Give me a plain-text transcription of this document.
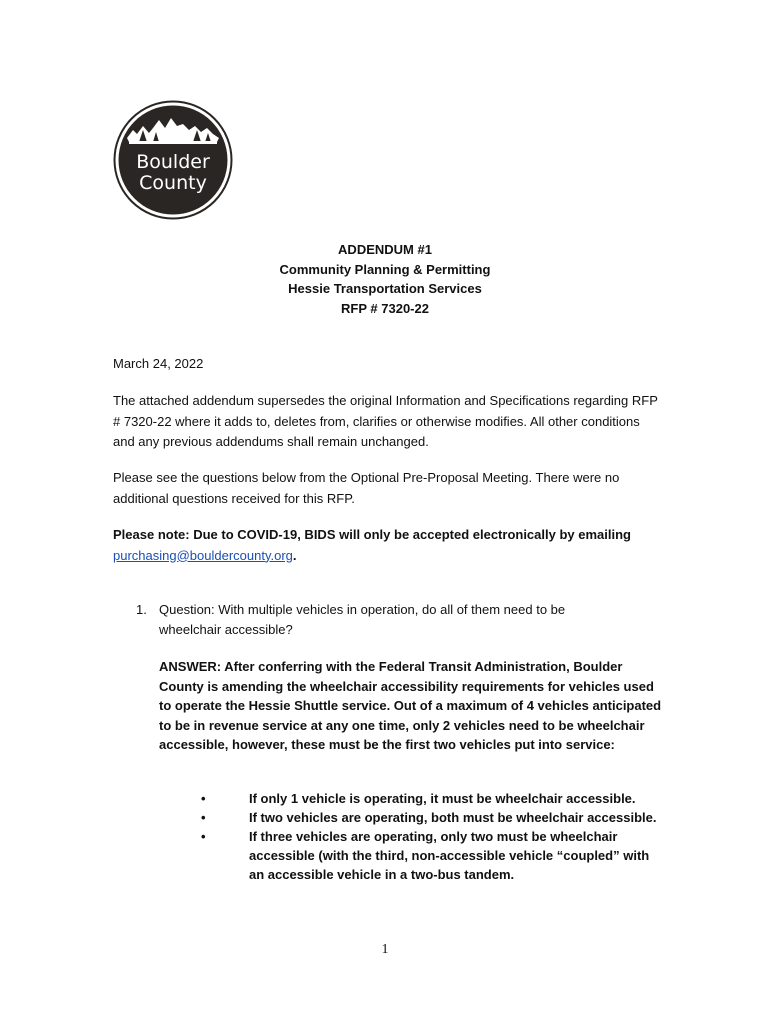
Boulder
County
ADDENDUM #1
Community Planning & Permitting
Hessie Transportation Services
RFP # 7320-22

March 24, 2022

The attached addendum supersedes the original Information and Specifications regarding RFP # 7320-22 where it adds to, deletes from, clarifies or otherwise modifies. All other conditions and any previous addendums shall remain unchanged.

Please see the questions below from the Optional Pre-Proposal Meeting. There were no additional questions received for this RFP.

Please note: Due to COVID-19, BIDS will only be accepted electronically by emailing purchasing@bouldercounty.org.

1. Question: With multiple vehicles in operation, do all of them need to be wheelchair accessible?
ANSWER: After conferring with the Federal Transit Administration, Boulder County is amending the wheelchair accessibility requirements for vehicles used to operate the Hessie Shuttle service. Out of a maximum of 4 vehicles anticipated to be in revenue service at any one time, only 2 vehicles need to be wheelchair accessible, however, these must be the first two vehicles put into service:
•	If only 1 vehicle is operating, it must be wheelchair accessible.
•	If two vehicles are operating, both must be wheelchair accessible.
•	If three vehicles are operating, only two must be wheelchair accessible (with the third, non-accessible vehicle “coupled” with an accessible vehicle in a two-bus tandem.
1
